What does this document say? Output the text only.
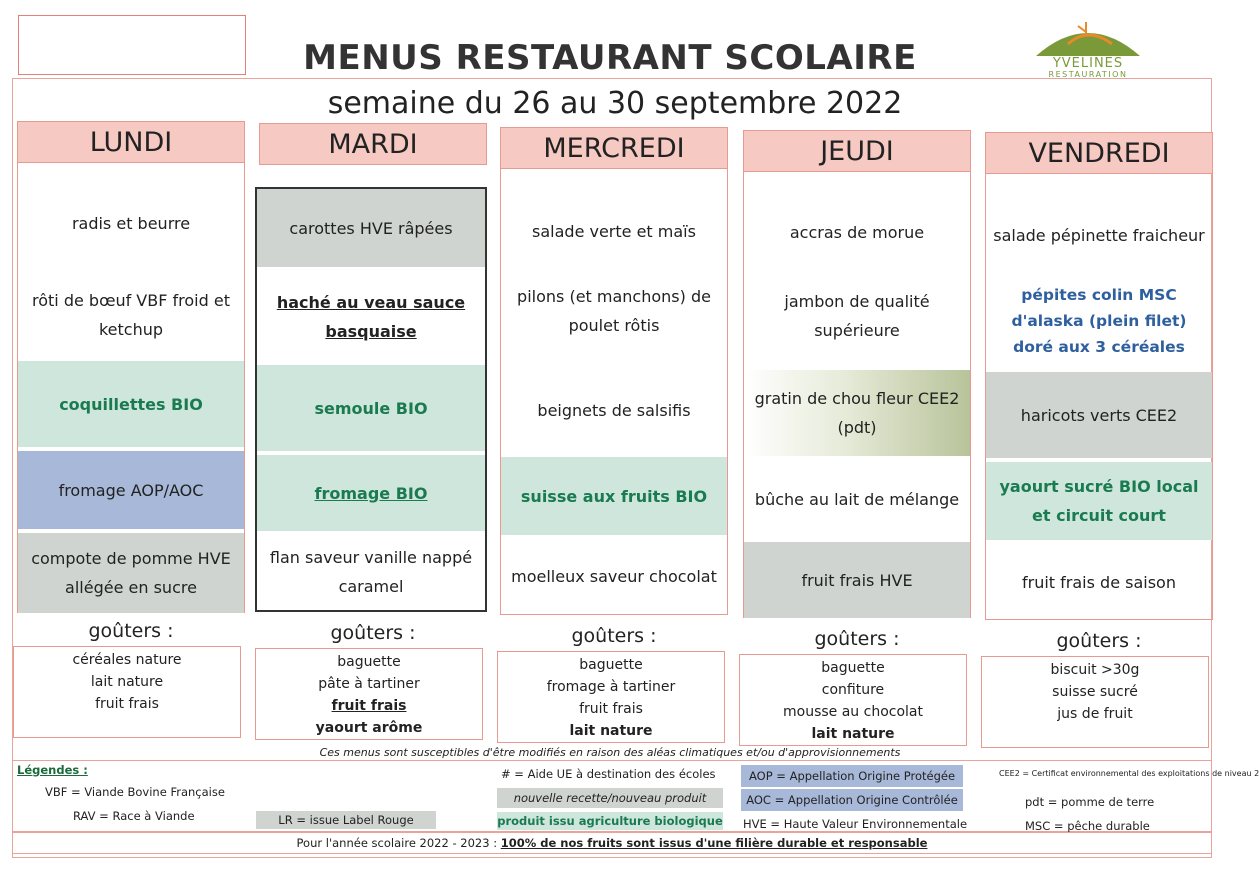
MENUS RESTAURANT SCOLAIRE
semaine du 26 au 30 septembre 2022
YVELINES
RESTAURATION
LUNDI
radis et beurre
rôti de bœuf VBF froid et ketchup
coquillettes BIO
fromage AOP/AOC
compote de pomme HVE allégée en sucre
goûters :
céréales nature
lait nature
fruit frais
MARDI
carottes HVE râpées
haché au veau sauce basquaise
semoule BIO
fromage BIO
flan saveur vanille nappé caramel
goûters :
baguette
pâte à tartiner
fruit frais
yaourt arôme
MERCREDI
salade verte et maïs
pilons (et manchons) de poulet rôtis
beignets de salsifis
suisse aux fruits BIO
moelleux saveur chocolat
goûters :
baguette
fromage à tartiner
fruit frais
lait nature
JEUDI
accras de morue
jambon de qualité supérieure
gratin de chou fleur CEE2 (pdt)
bûche au lait de mélange
fruit frais HVE
goûters :
baguette
confiture
mousse au chocolat
lait nature
VENDREDI
salade pépinette fraicheur
pépites colin MSC d'alaska (plein filet) doré aux 3 céréales
haricots verts CEE2
yaourt sucré BIO local et circuit court
fruit frais de saison
goûters :
biscuit >30g
suisse sucré
jus de fruit
Ces menus sont susceptibles d'être modifiés en raison des aléas climatiques et/ou d'approvisionnements
Légendes :
VBF = Viande Bovine Française
RAV = Race à Viande	LR = issue Label Rouge
# = Aide UE à destination des écoles
nouvelle recette/nouveau produit
produit issu agriculture biologique
AOP = Appellation Origine Protégée
AOC = Appellation Origine Contrôlée
HVE = Haute Valeur Environnementale
CEE2 = Certificat environnemental des exploitations de niveau 2
pdt = pomme de terre
MSC = pêche durable
Pour l'année scolaire 2022 - 2023 : 100% de nos fruits sont issus d'une filière durable et responsable
